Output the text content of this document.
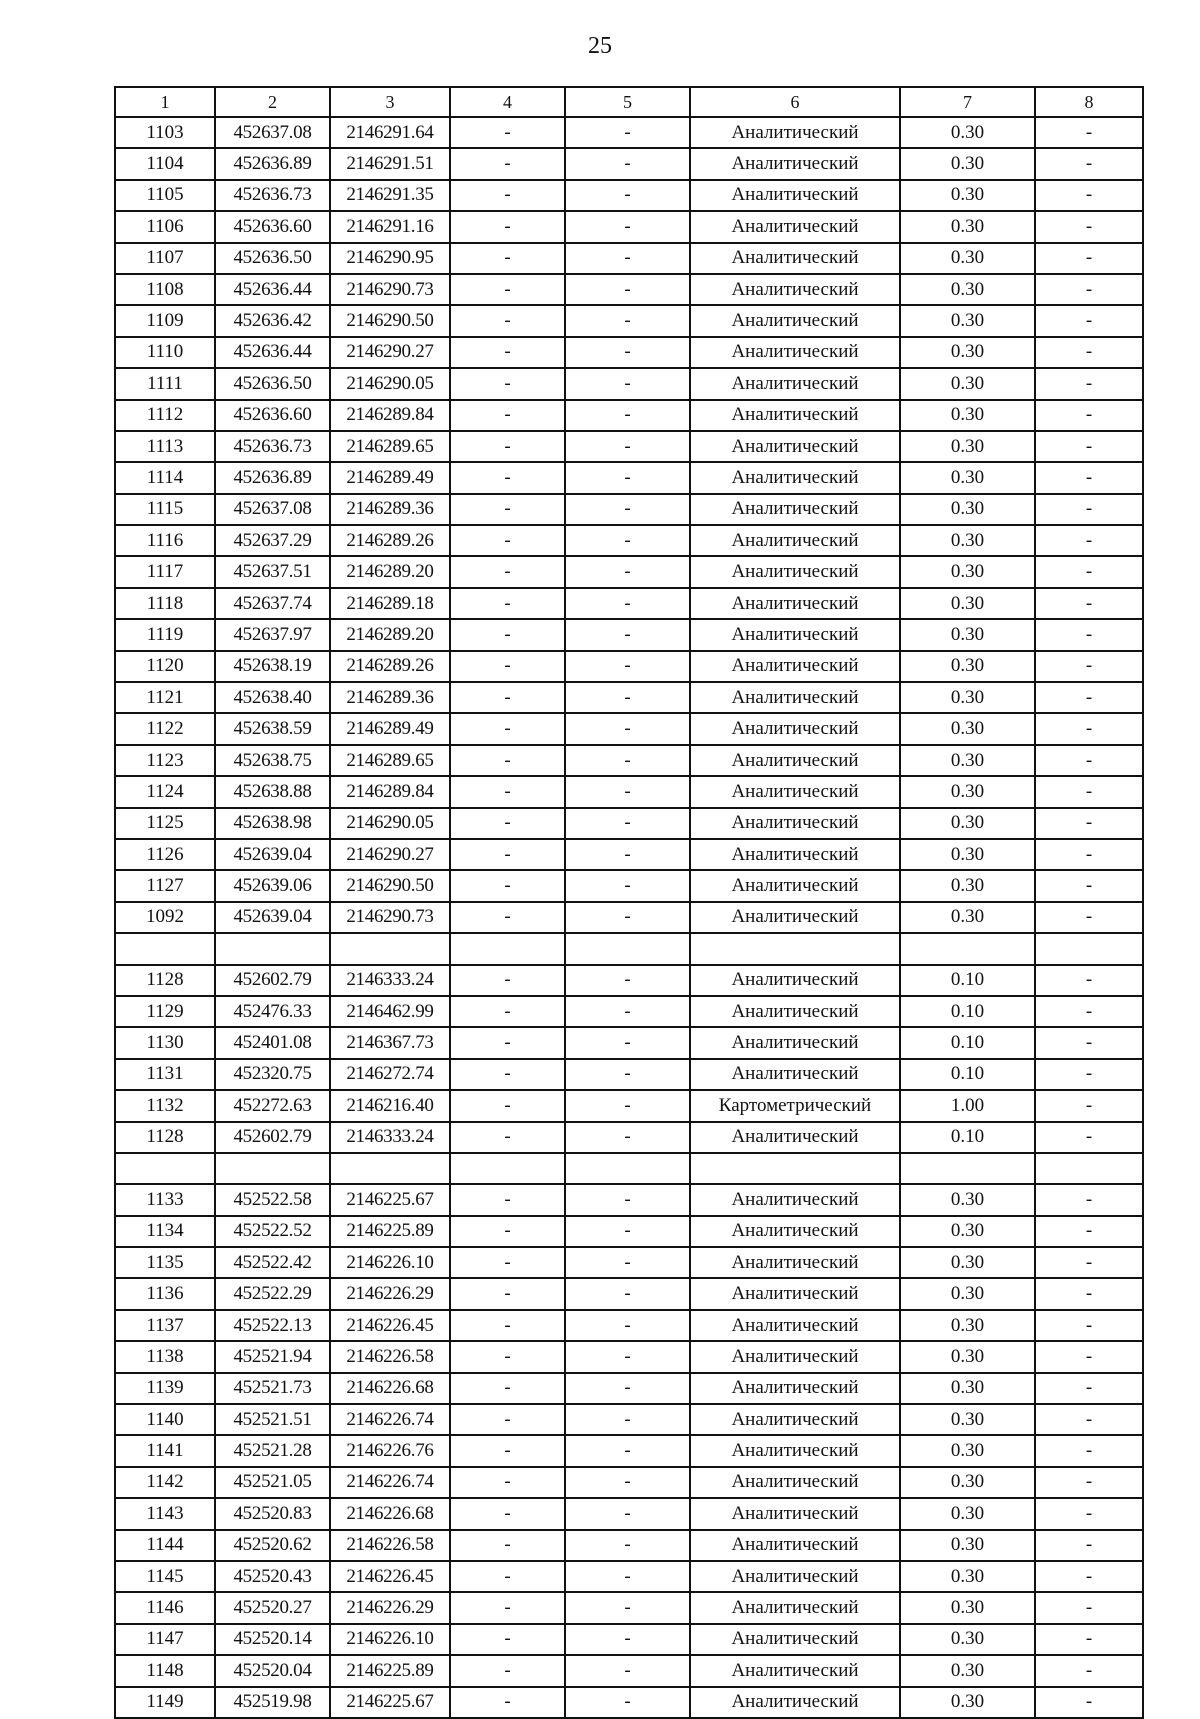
25
1	2	3	4	5	6	7	8
1103	452637.08	2146291.64	-	-	Аналитический	0.30	-
1104	452636.89	2146291.51	-	-	Аналитический	0.30	-
1105	452636.73	2146291.35	-	-	Аналитический	0.30	-
1106	452636.60	2146291.16	-	-	Аналитический	0.30	-
1107	452636.50	2146290.95	-	-	Аналитический	0.30	-
1108	452636.44	2146290.73	-	-	Аналитический	0.30	-
1109	452636.42	2146290.50	-	-	Аналитический	0.30	-
1110	452636.44	2146290.27	-	-	Аналитический	0.30	-
1111	452636.50	2146290.05	-	-	Аналитический	0.30	-
1112	452636.60	2146289.84	-	-	Аналитический	0.30	-
1113	452636.73	2146289.65	-	-	Аналитический	0.30	-
1114	452636.89	2146289.49	-	-	Аналитический	0.30	-
1115	452637.08	2146289.36	-	-	Аналитический	0.30	-
1116	452637.29	2146289.26	-	-	Аналитический	0.30	-
1117	452637.51	2146289.20	-	-	Аналитический	0.30	-
1118	452637.74	2146289.18	-	-	Аналитический	0.30	-
1119	452637.97	2146289.20	-	-	Аналитический	0.30	-
1120	452638.19	2146289.26	-	-	Аналитический	0.30	-
1121	452638.40	2146289.36	-	-	Аналитический	0.30	-
1122	452638.59	2146289.49	-	-	Аналитический	0.30	-
1123	452638.75	2146289.65	-	-	Аналитический	0.30	-
1124	452638.88	2146289.84	-	-	Аналитический	0.30	-
1125	452638.98	2146290.05	-	-	Аналитический	0.30	-
1126	452639.04	2146290.27	-	-	Аналитический	0.30	-
1127	452639.06	2146290.50	-	-	Аналитический	0.30	-
1092	452639.04	2146290.73	-	-	Аналитический	0.30	-

1128	452602.79	2146333.24	-	-	Аналитический	0.10	-
1129	452476.33	2146462.99	-	-	Аналитический	0.10	-
1130	452401.08	2146367.73	-	-	Аналитический	0.10	-
1131	452320.75	2146272.74	-	-	Аналитический	0.10	-
1132	452272.63	2146216.40	-	-	Картометрический	1.00	-
1128	452602.79	2146333.24	-	-	Аналитический	0.10	-

1133	452522.58	2146225.67	-	-	Аналитический	0.30	-
1134	452522.52	2146225.89	-	-	Аналитический	0.30	-
1135	452522.42	2146226.10	-	-	Аналитический	0.30	-
1136	452522.29	2146226.29	-	-	Аналитический	0.30	-
1137	452522.13	2146226.45	-	-	Аналитический	0.30	-
1138	452521.94	2146226.58	-	-	Аналитический	0.30	-
1139	452521.73	2146226.68	-	-	Аналитический	0.30	-
1140	452521.51	2146226.74	-	-	Аналитический	0.30	-
1141	452521.28	2146226.76	-	-	Аналитический	0.30	-
1142	452521.05	2146226.74	-	-	Аналитический	0.30	-
1143	452520.83	2146226.68	-	-	Аналитический	0.30	-
1144	452520.62	2146226.58	-	-	Аналитический	0.30	-
1145	452520.43	2146226.45	-	-	Аналитический	0.30	-
1146	452520.27	2146226.29	-	-	Аналитический	0.30	-
1147	452520.14	2146226.10	-	-	Аналитический	0.30	-
1148	452520.04	2146225.89	-	-	Аналитический	0.30	-
1149	452519.98	2146225.67	-	-	Аналитический	0.30	-
